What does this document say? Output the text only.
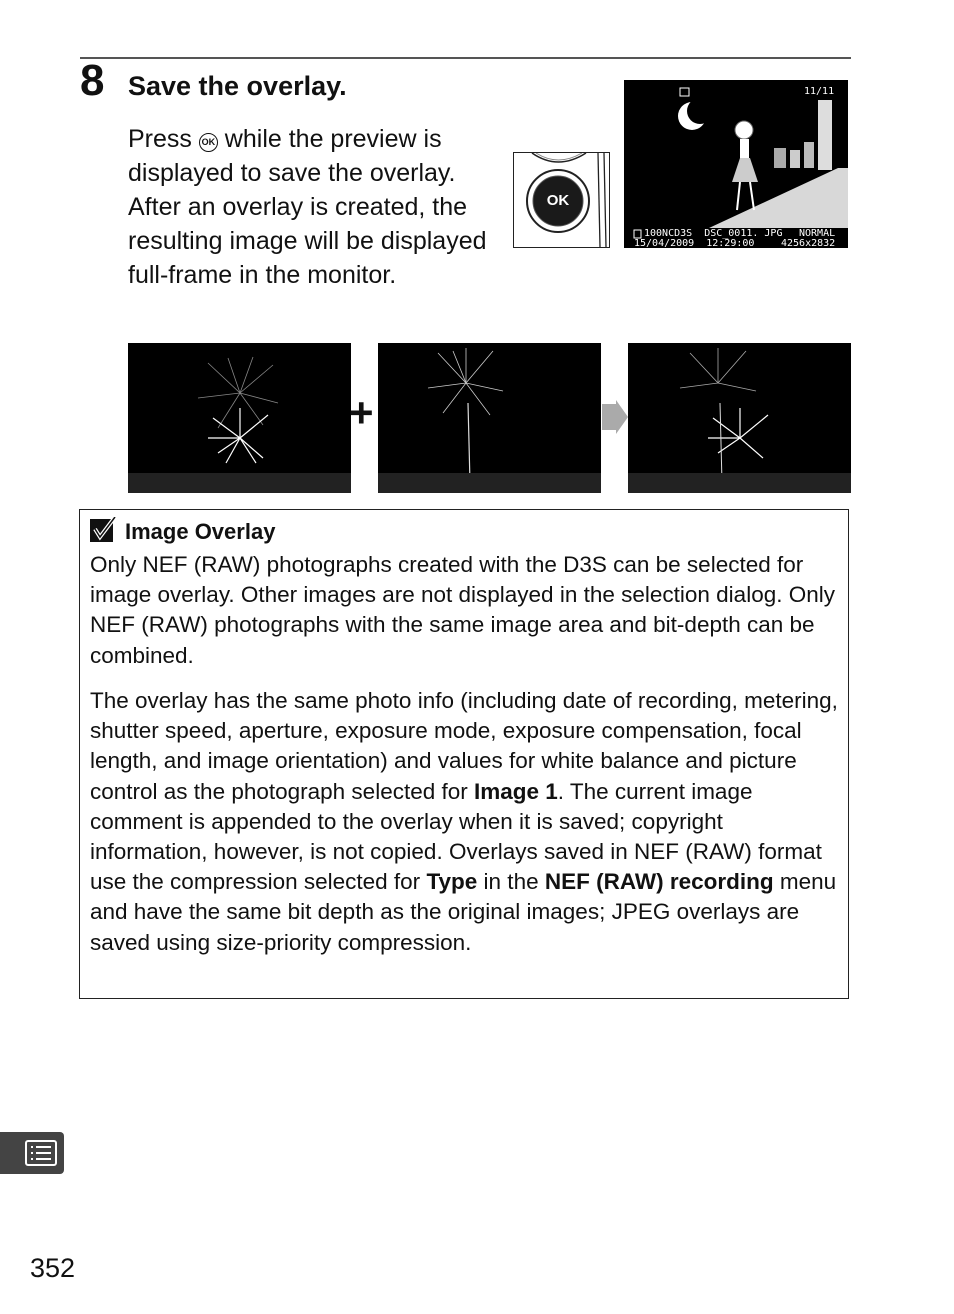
8 Save the overlay.
Press OK while the preview is displayed to save the overlay. After an overlay is created, the resulting image will be displayed full-frame in the monitor.
OK
11/11
100NCD3S  DSC_0011. JPG NORMAL
15/04/2009  12:29:00	4256x2832
+
Image Overlay

Only NEF (RAW) photographs created with the D3S can be selected for image overlay. Other images are not displayed in the selection dialog. Only NEF (RAW) photographs with the same image area and bit-depth can be combined.

The overlay has the same photo info (including date of recording, metering, shutter speed, aperture, exposure mode, exposure compensation, focal length, and image orientation) and values for white balance and picture control as the photograph selected for Image 1. The current image comment is appended to the overlay when it is saved; copyright information, however, is not copied. Overlays saved in NEF (RAW) format use the compression selected for Type in the NEF (RAW) recording menu and have the same bit depth as the original images; JPEG overlays are saved using size-priority compression.

352
